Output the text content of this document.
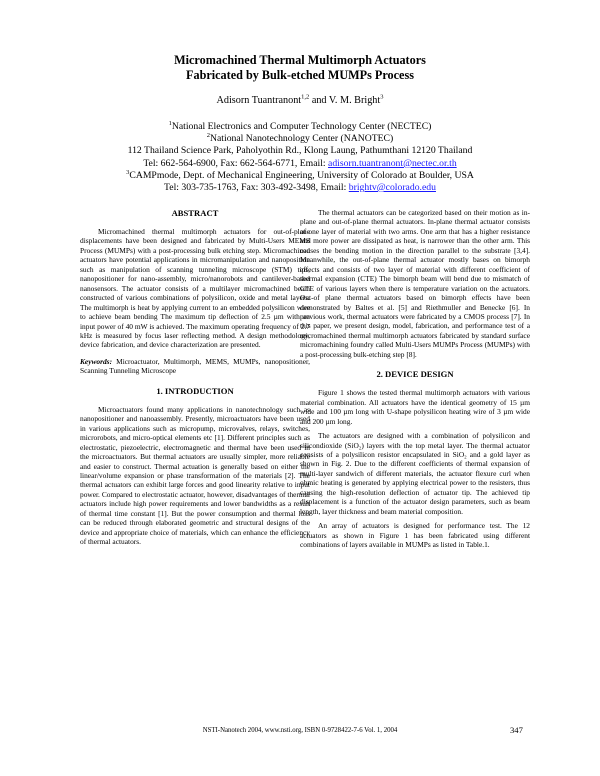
Micromachined Thermal Multimorph Actuators
Fabricated by Bulk-etched MUMPs Process
Adisorn Tuantranont$^{1,2}$ and V. M. Bright$^3$
$^1$National Electronics and Computer Technology Center (NECTEC)
$^2$National Nanotechnology Center (NANOTEC)
112 Thailand Science Park, Paholyothin Rd., Klong Laung, Pathumthani 12120 Thailand
Tel: 662-564-6900, Fax: 662-564-6771, Email: adisorn.tuantranont@nectec.or.th
$^3$CAMPmode, Dept. of Mechanical Engineering, University of Colorado at Boulder, USA
Tel: 303-735-1763, Fax: 303-492-3498, Email: brightv@colorado.edu
ABSTRACT

Micromachined thermal multimorph actuators for out-of-plane displacements have been designed and fabricated by Multi-Users MEMS Process (MUMPs) with a post-processing bulk etching step. Micromachined actuators have potential applications in micromanipulation and nanoposition such as manipulation of scanning tunneling microscope (STM) tips, nanopositioner for nano-assembly, micro/nanorobots and cantilever-based nanosensors. The actuator consists of a multilayer micromachined beam constructed of various combinations of polysilicon, oxide and metal layers. The multimorph is heat by applying current to an embedded polysilicon wire to achieve beam bending The maximum tip deflection of 2.5 µm with an input power of 40 mW is achieved. The maximum operating frequency of 2.7 kHz is measured by focus laser reflecting method. A design methodology, device fabrication, and device characterization are presented.

Keywords: Microactuator, Multimorph, MEMS, MUMPs, nanopositioner, Scanning Tunneling Microscope

1. INTRODUCTION

Microactuators found many applications in nanotechnology such as nanopositioner and nanoassembly. Presently, microactuators have been used in various applications such as micropump, microvalves, relays, switches, microrobots, and micro-optical elements etc [1]. Different principles such as electrostatic, piezoelectric, electromagnetic and thermal have been used in the microactuators. But thermal actuators are usually simpler, more reliable and easier to construct. Thermal actuation is generally based on either the linear/volume expansion or phase transformation of the materials [2]. The thermal actuators can exhibit large forces and good linearity relative to input power. Compared to electrostatic actuator, however, disadvantages of thermal actuators include high power requirements and lower bandwidths as a result of thermal time constant [1]. But the power consumption and thermal loss can be reduced through elaborated geometric and structural designs of the device and appropriate choice of materials, which can enhance the efficiency of thermal actuators.

The thermal actuators can be categorized based on their motion as in-plane and out-of-plane thermal actuators. In-plane thermal actuator consists of one layer of material with two arms. One arm that has a higher resistance and more power are dissipated as heat, is narrower than the other arm. This causes the bending motion in the direction parallel to the substrate [3,4]. Meanwhile, the out-of-plane thermal actuator mostly bases on bimorph effects and consists of two layer of material with different coefficient of thermal expansion (CTE) The bimorph beam will bend due to mismatch of CTE of various layers when there is temperature variation on the actuators. Out-of plane thermal actuators based on bimorph effects have been demonstrated by Baltes et al. [5] and Riethmuller and Benecke [6]. In previous work, thermal actuators were fabricated by a CMOS process [7]. In this paper, we present design, model, fabrication, and performance test of a micromachined thermal multimorph actuators fabricated by standard surface micromachining foundry called Multi-Users MUMPs Process (MUMPs) with a post-processing bulk-etching step [8].

2. DEVICE DESIGN

Figure 1 shows the tested thermal multimorph actuators with various material combination. All actuators have the identical geometry of 15 µm wide and 100 µm long with U-shape polysilicon heating wire of 3 µm wide and 200 µm long.

The actuators are designed with a combination of polysilicon and silicondioxide (SiO₂) layers with the top metal layer. The thermal actuator consists of a polysilicon resistor encapsulated in SiO₂ and a gold layer as shown in Fig. 2. Due to the different coefficients of thermal expansion of multi-layer sandwich of different materials, the actuator flexure curl when ohmic heating is generated by applying electrical power to the resisters, thus causing the high-resolution deflection of actuator tip. The achieved tip displacement is a function of the actuator design parameters, such as beam length, layer thickness and beam material composition.

An array of actuators is designed for performance test. The 12 actuators as shown in Figure 1 has been fabricated using different combinations of layers available in MUMPs as listed in Table.1.

NSTI-Nanotech 2004, www.nsti.org, ISBN 0-9728422-7-6 Vol. 1, 2004	347
